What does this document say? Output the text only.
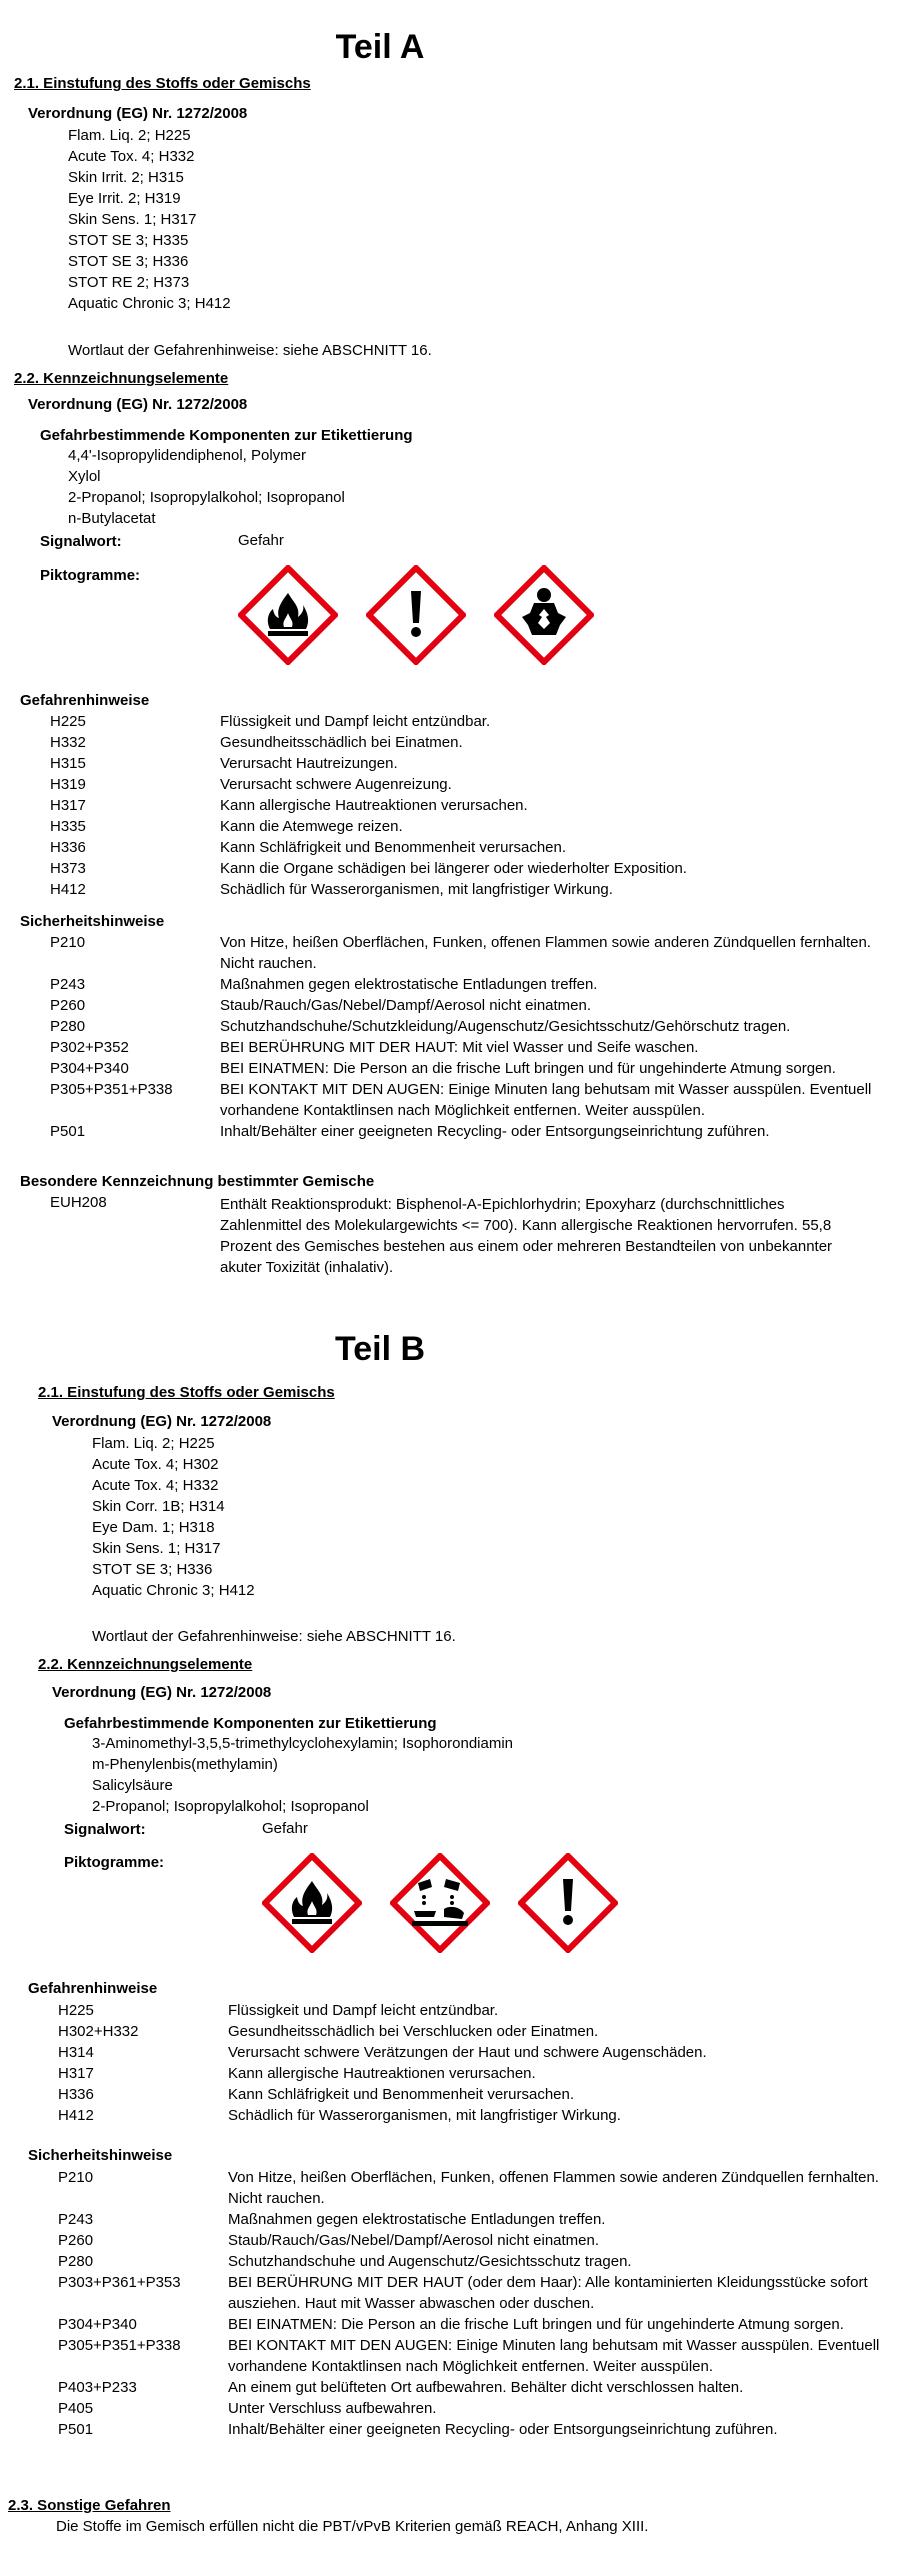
Teil A
2.1. Einstufung des Stoffs oder Gemischs
Verordnung (EG) Nr. 1272/2008
Flam. Liq. 2; H225
Acute Tox. 4; H332
Skin Irrit. 2; H315
Eye Irrit. 2; H319
Skin Sens. 1; H317
STOT SE 3; H335
STOT SE 3; H336
STOT RE 2; H373
Aquatic Chronic 3; H412
Wortlaut der Gefahrenhinweise: siehe ABSCHNITT 16.
2.2. Kennzeichnungselemente
Verordnung (EG) Nr. 1272/2008
Gefahrbestimmende Komponenten zur Etikettierung
4,4'-Isopropylidendiphenol, Polymer
Xylol
2-Propanol; Isopropylalkohol; Isopropanol
n-Butylacetat
Signalwort:	Gefahr
Piktogramme:
Gefahrenhinweise
H225	Flüssigkeit und Dampf leicht entzündbar.
H332	Gesundheitsschädlich bei Einatmen.
H315	Verursacht Hautreizungen.
H319	Verursacht schwere Augenreizung.
H317	Kann allergische Hautreaktionen verursachen.
H335	Kann die Atemwege reizen.
H336	Kann Schläfrigkeit und Benommenheit verursachen.
H373	Kann die Organe schädigen bei längerer oder wiederholter Exposition.
H412	Schädlich für Wasserorganismen, mit langfristiger Wirkung.
Sicherheitshinweise
P210	Von Hitze, heißen Oberflächen, Funken, offenen Flammen sowie anderen Zündquellen fernhalten. Nicht rauchen.
P243	Maßnahmen gegen elektrostatische Entladungen treffen.
P260	Staub/Rauch/Gas/Nebel/Dampf/Aerosol nicht einatmen.
P280	Schutzhandschuhe/Schutzkleidung/Augenschutz/Gesichtsschutz/Gehörschutz tragen.
P302+P352	BEI BERÜHRUNG MIT DER HAUT: Mit viel Wasser und Seife waschen.
P304+P340	BEI EINATMEN: Die Person an die frische Luft bringen und für ungehinderte Atmung sorgen.
P305+P351+P338	BEI KONTAKT MIT DEN AUGEN: Einige Minuten lang behutsam mit Wasser ausspülen. Eventuell vorhandene Kontaktlinsen nach Möglichkeit entfernen. Weiter ausspülen.
P501	Inhalt/Behälter einer geeigneten Recycling- oder Entsorgungseinrichtung zuführen.
Besondere Kennzeichnung bestimmter Gemische
EUH208	Enthält Reaktionsprodukt: Bisphenol-A-Epichlorhydrin; Epoxyharz (durchschnittliches Zahlenmittel des Molekulargewichts <= 700). Kann allergische Reaktionen hervorrufen. 55,8 Prozent des Gemisches bestehen aus einem oder mehreren Bestandteilen von unbekannter akuter Toxizität (inhalativ).
Teil B
2.1. Einstufung des Stoffs oder Gemischs
Verordnung (EG) Nr. 1272/2008
Flam. Liq. 2; H225
Acute Tox. 4; H302
Acute Tox. 4; H332
Skin Corr. 1B; H314
Eye Dam. 1; H318
Skin Sens. 1; H317
STOT SE 3; H336
Aquatic Chronic 3; H412
Wortlaut der Gefahrenhinweise: siehe ABSCHNITT 16.
2.2. Kennzeichnungselemente
Verordnung (EG) Nr. 1272/2008
Gefahrbestimmende Komponenten zur Etikettierung
3-Aminomethyl-3,5,5-trimethylcyclohexylamin; Isophorondiamin
m-Phenylenbis(methylamin)
Salicylsäure
2-Propanol; Isopropylalkohol; Isopropanol
Signalwort:	Gefahr
Piktogramme:
Gefahrenhinweise
H225	Flüssigkeit und Dampf leicht entzündbar.
H302+H332	Gesundheitsschädlich bei Verschlucken oder Einatmen.
H314	Verursacht schwere Verätzungen der Haut und schwere Augenschäden.
H317	Kann allergische Hautreaktionen verursachen.
H336	Kann Schläfrigkeit und Benommenheit verursachen.
H412	Schädlich für Wasserorganismen, mit langfristiger Wirkung.
Sicherheitshinweise
P210	Von Hitze, heißen Oberflächen, Funken, offenen Flammen sowie anderen Zündquellen fernhalten. Nicht rauchen.
P243	Maßnahmen gegen elektrostatische Entladungen treffen.
P260	Staub/Rauch/Gas/Nebel/Dampf/Aerosol nicht einatmen.
P280	Schutzhandschuhe und Augenschutz/Gesichtsschutz tragen.
P303+P361+P353	BEI BERÜHRUNG MIT DER HAUT (oder dem Haar): Alle kontaminierten Kleidungsstücke sofort ausziehen. Haut mit Wasser abwaschen oder duschen.
P304+P340	BEI EINATMEN: Die Person an die frische Luft bringen und für ungehinderte Atmung sorgen.
P305+P351+P338	BEI KONTAKT MIT DEN AUGEN: Einige Minuten lang behutsam mit Wasser ausspülen. Eventuell vorhandene Kontaktlinsen nach Möglichkeit entfernen. Weiter ausspülen.
P403+P233	An einem gut belüfteten Ort aufbewahren. Behälter dicht verschlossen halten.
P405	Unter Verschluss aufbewahren.
P501	Inhalt/Behälter einer geeigneten Recycling- oder Entsorgungseinrichtung zuführen.
2.3. Sonstige Gefahren
Die Stoffe im Gemisch erfüllen nicht die PBT/vPvB Kriterien gemäß REACH, Anhang XIII.
